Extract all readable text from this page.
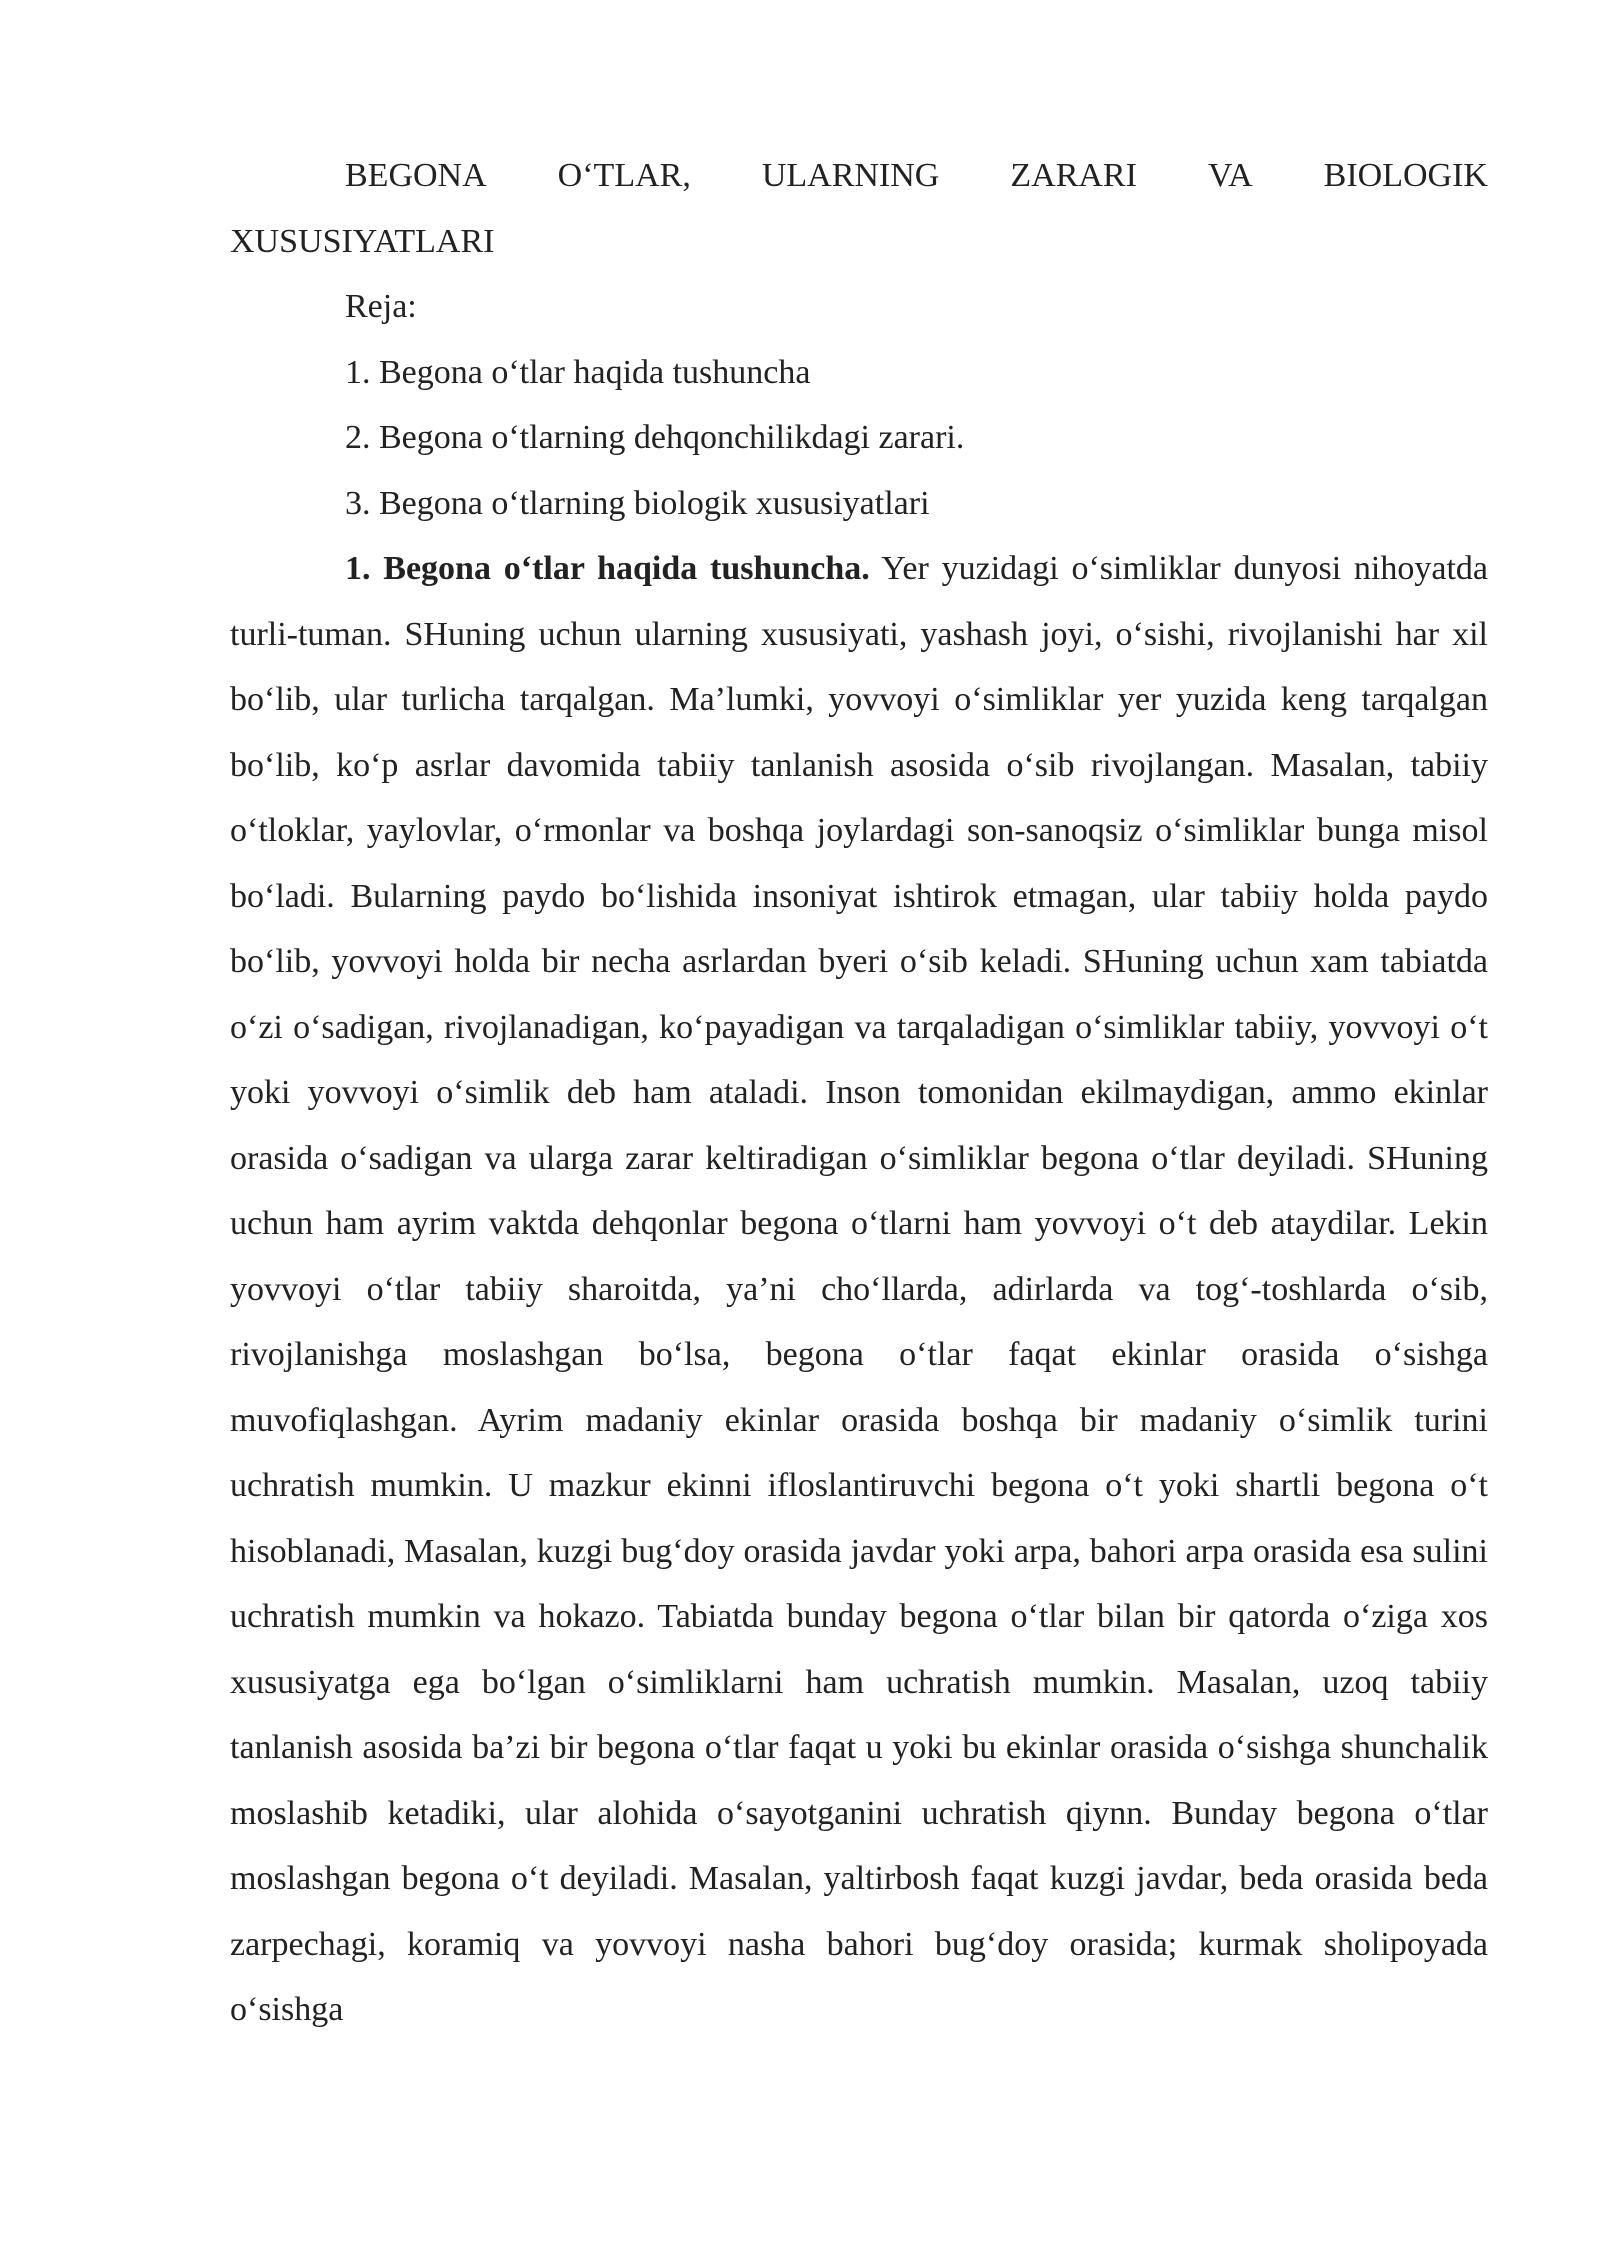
BEGONA O‘TLAR, ULARNING ZARARI VA BIOLOGIK
XUSUSIYATLARI

Reja:

1. Begona o‘tlar haqida tushuncha

2. Begona o‘tlarning dehqonchilikdagi zarari.

3. Begona o‘tlarning biologik xususiyatlari

1. Begona o‘tlar haqida tushuncha. Yer yuzidagi o‘simliklar dunyosi nihoyatda turli-tuman. SHuning uchun ularning xususiyati, yashash joyi, o‘sishi, rivojlanishi har xil bo‘lib, ular turlicha tarqalgan. Ma’lumki, yovvoyi o‘simliklar yer yuzida keng tarqalgan bo‘lib, ko‘p asrlar davomida tabiiy tanlanish asosida o‘sib rivojlangan. Masalan, tabiiy o‘tloklar, yaylovlar, o‘rmonlar va boshqa joylardagi son-sanoqsiz o‘simliklar bunga misol bo‘ladi. Bularning paydo bo‘lishida insoniyat ishtirok etmagan, ular tabiiy holda paydo bo‘lib, yovvoyi holda bir necha asrlardan byeri o‘sib keladi. SHuning uchun xam tabiatda o‘zi o‘sadigan, rivojlanadigan, ko‘payadigan va tarqaladigan o‘simliklar tabiiy, yovvoyi o‘t yoki yovvoyi o‘simlik deb ham ataladi. Inson tomonidan ekilmaydigan, ammo ekinlar orasida o‘sadigan va ularga zarar keltiradigan o‘simliklar begona o‘tlar deyiladi. SHuning uchun ham ayrim vaktda dehqonlar begona o‘tlarni ham yovvoyi o‘t deb ataydilar. Lekin yovvoyi o‘tlar tabiiy sharoitda, ya’ni cho‘llarda, adirlarda va tog‘-toshlarda o‘sib, rivojlanishga moslashgan bo‘lsa, begona o‘tlar faqat ekinlar orasida o‘sishga muvofiqlashgan. Ayrim madaniy ekinlar orasida boshqa bir madaniy o‘simlik turini uchratish mumkin. U mazkur ekinni ifloslantiruvchi begona o‘t yoki shartli begona o‘t hisoblanadi, Masalan, kuzgi bug‘doy orasida javdar yoki arpa, bahori arpa orasida esa sulini uchratish mumkin va hokazo. Tabiatda bunday begona o‘tlar bilan bir qatorda o‘ziga xos xususiyatga ega bo‘lgan o‘simliklarni ham uchratish mumkin. Masalan, uzoq tabiiy tanlanish asosida ba’zi bir begona o‘tlar faqat u yoki bu ekinlar orasida o‘sishga shunchalik moslashib ketadiki, ular alohida o‘sayotganini uchratish qiynn. Bunday begona o‘tlar moslashgan begona o‘t deyiladi. Masalan, yaltirbosh faqat kuzgi javdar, beda orasida beda zarpechagi, koramiq va yovvoyi nasha bahori bug‘doy orasida; kurmak sholipoyada o‘sishga
